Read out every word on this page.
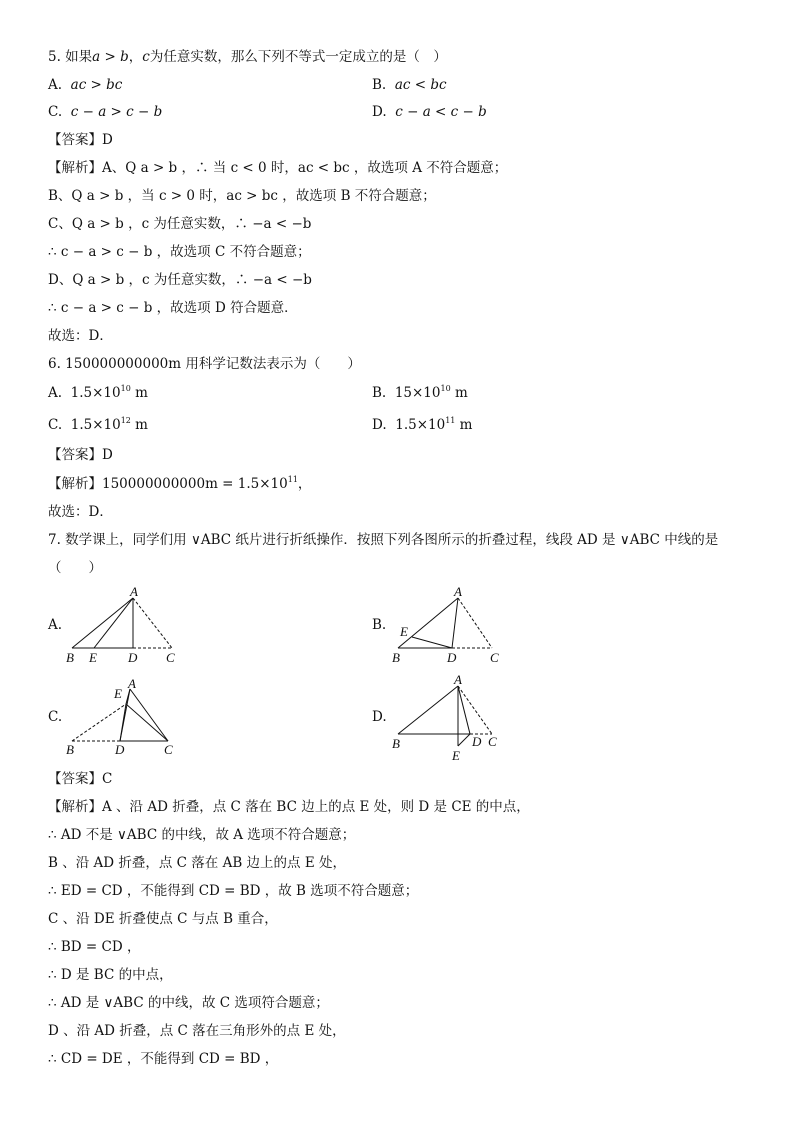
5. 如果a > b，c为任意实数，那么下列不等式一定成立的是（　）
A. ac > bc	B. ac < bc
C. c − a > c − b	D. c − a < c − b
【答案】D
【解析】A、Q a > b ，∴ 当 c < 0 时，ac < bc ，故选项 A 不符合题意；
B、Q a > b ，当 c > 0 时，ac > bc ，故选项 B 不符合题意；
C、Q a > b ，c 为任意实数，∴ −a < −b
∴ c − a > c − b ，故选项 C 不符合题意；
D、Q a > b ，c 为任意实数，∴ −a < −b
∴ c − a > c − b ，故选项 D 符合题意．
故选：D．
6. 150000000000m 用科学记数法表示为（　　）
A. $1.5\times 10^{10}$ m	B. $15\times 10^{10}$ m
C. $1.5\times 10^{12}$ m	D. $1.5\times 10^{11}$ m
【答案】D
【解析】$150000000000m = 1.5\times 10^{11}$，
故选：D．
7. 数学课上，同学们用 ∨ABC 纸片进行折纸操作．按照下列各图所示的折叠过程，线段 AD 是 ∨ABC 中线的是
（　　）
A.
A
B E D C
B.
A
E
B	D	C
C.
A
E
B	D	C
D.
A
B	D C
E
【答案】C
【解析】A 、沿 AD 折叠，点 C 落在 BC 边上的点 E 处，则 D 是 CE 的中点，
∴ AD 不是 ∨ABC 的中线，故 A 选项不符合题意；
B 、沿 AD 折叠，点 C 落在 AB 边上的点 E 处，
∴ ED = CD ，不能得到 CD = BD ，故 B 选项不符合题意；
C 、沿 DE 折叠使点 C 与点 B 重合，
∴ BD = CD ，
∴ D 是 BC 的中点，
∴ AD 是 ∨ABC 的中线，故 C 选项符合题意；
D 、沿 AD 折叠，点 C 落在三角形外的点 E 处，
∴ CD = DE ，不能得到 CD = BD ，
